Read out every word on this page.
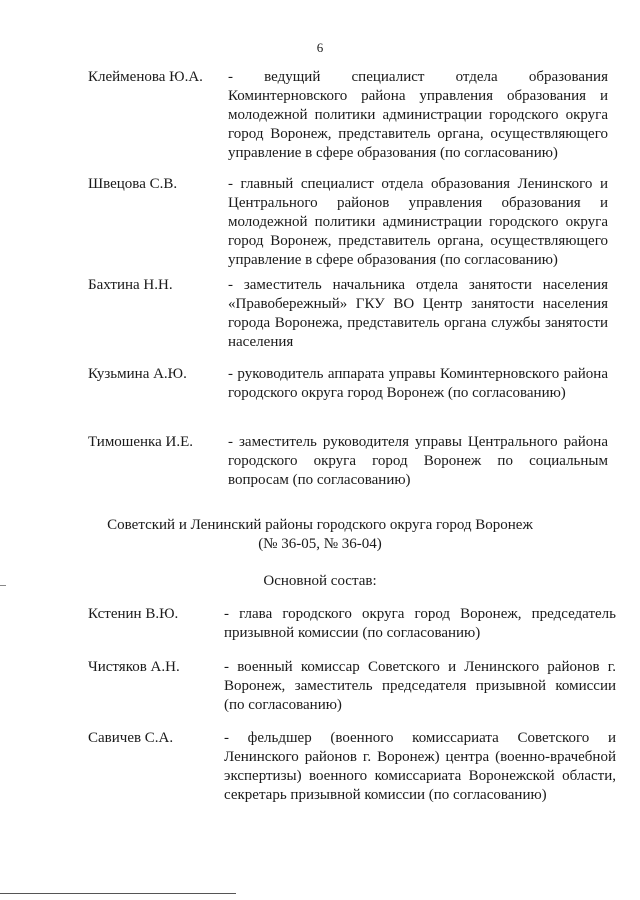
6
Клейменова Ю.А. - ведущий специалист отдела образования Коминтерновского района управления образования и молодежной политики администрации городского округа город Воронеж, представитель органа, осуществляющего управление в сфере образования (по согласованию)
Швецова С.В.	- главный специалист отдела образования Ленинского и Центрального районов управления образования и молодежной политики администрации городского округа город Воронеж, представитель органа, осуществляющего управление в сфере образования (по согласованию)
Бахтина Н.Н.	- заместитель начальника отдела занятости населения «Правобережный» ГКУ ВО Центр занятости населения города Воронежа, представитель органа службы занятости населения
Кузьмина А.Ю.	- руководитель аппарата управы Коминтерновского района городского округа город Воронеж (по согласованию)
Тимошенка И.Е. - заместитель руководителя управы Центрального района городского округа город Воронеж по социальным вопросам (по согласованию)
Советский и Ленинский районы городского округа город Воронеж
(№ 36-05, № 36-04)
Основной состав:
Кстенин В.Ю.	- глава городского округа город Воронеж, председатель призывной комиссии (по согласованию)
Чистяков А.Н.	- военный комиссар Советского и Ленинского районов г. Воронеж, заместитель председателя призывной комиссии (по согласованию)
Савичев С.А.	- фельдшер (военного комиссариата Советского и Ленинского районов г. Воронеж) центра (военно-врачебной экспертизы) военного комиссариата Воронежской области, секретарь призывной комиссии (по согласованию)
